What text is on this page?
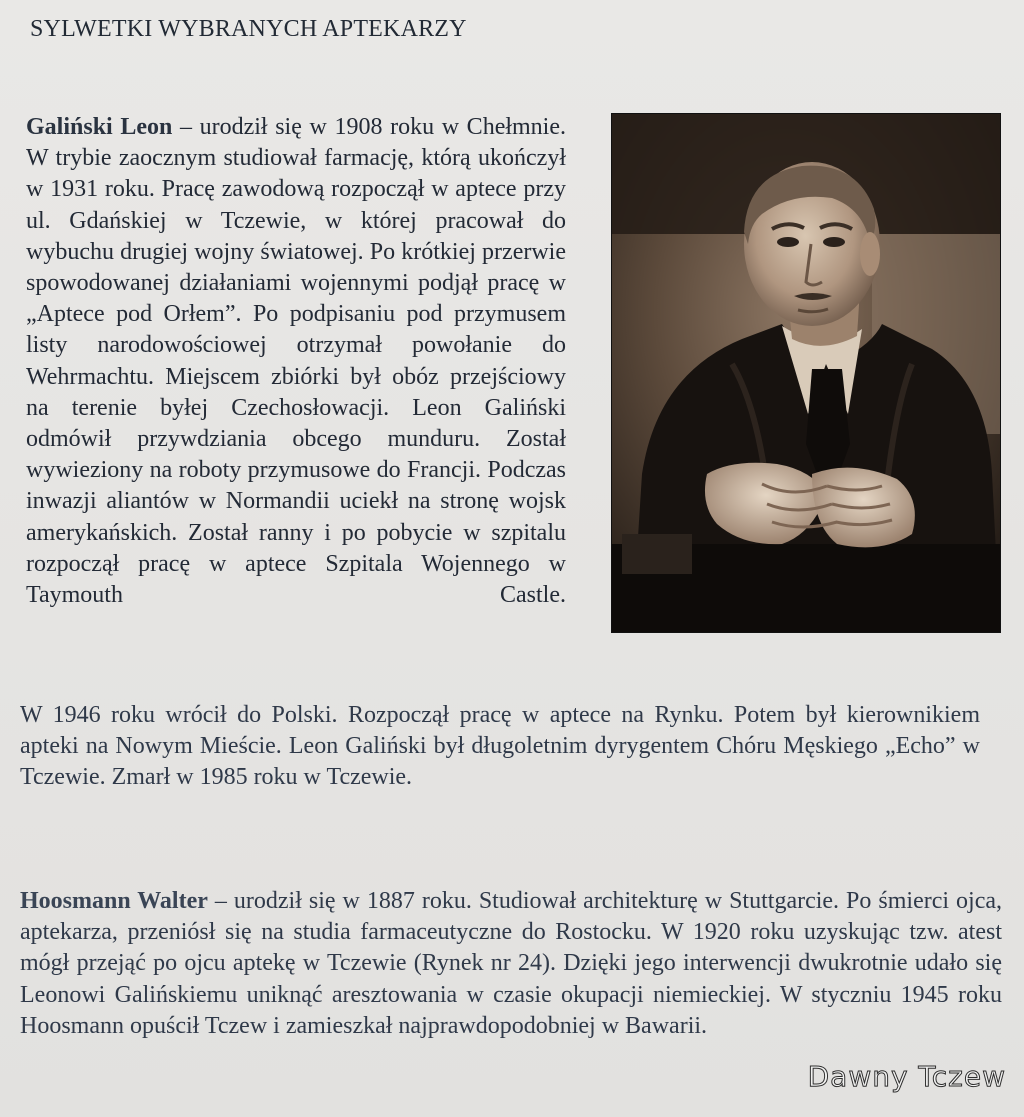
SYLWETKI WYBRANYCH APTEKARZY
Galiński Leon – urodził się w 1908 roku w Chełmnie. W trybie zaocznym studiował farmację, którą ukończył w 1931 roku. Pracę zawodową rozpoczął w aptece przy ul. Gdańskiej w Tczewie, w której pracował do wybuchu drugiej wojny światowej. Po krótkiej przerwie spowodowanej działaniami wojennymi podjął pracę w „Aptece pod Orłem”. Po podpisaniu pod przymusem listy narodowościowej otrzymał powołanie do Wehrmachtu. Miejscem zbiórki był obóz przejściowy na terenie byłej Czechosłowacji. Leon Galiński odmówił przywdziania obcego munduru. Został wywieziony na roboty przymusowe do Francji. Podczas inwazji aliantów w Normandii uciekł na stronę wojsk amerykańskich. Został ranny i po pobycie w szpitalu rozpoczął pracę w aptece Szpitala Wojennego w Taymouth Castle.
W 1946 roku wrócił do Polski. Rozpoczął pracę w aptece na Rynku. Potem był kierownikiem apteki na Nowym Mieście. Leon Galiński był długoletnim dyrygentem Chóru Męskiego „Echo” w Tczewie. Zmarł w 1985 roku w Tczewie.
Hoosmann Walter – urodził się w 1887 roku. Studiował architekturę w Stuttgarcie. Po śmierci ojca, aptekarza, przeniósł się na studia farmaceutyczne do Rostocku. W 1920 roku uzyskując tzw. atest mógł przejąć po ojcu aptekę w Tczewie (Rynek nr 24). Dzięki jego interwencji dwukrotnie udało się Leonowi Galińskiemu uniknąć aresztowania w czasie okupacji niemieckiej. W styczniu 1945 roku Hoosmann opuścił Tczew i zamieszkał najprawdopodobniej w Bawarii.
Dawny Tczew
